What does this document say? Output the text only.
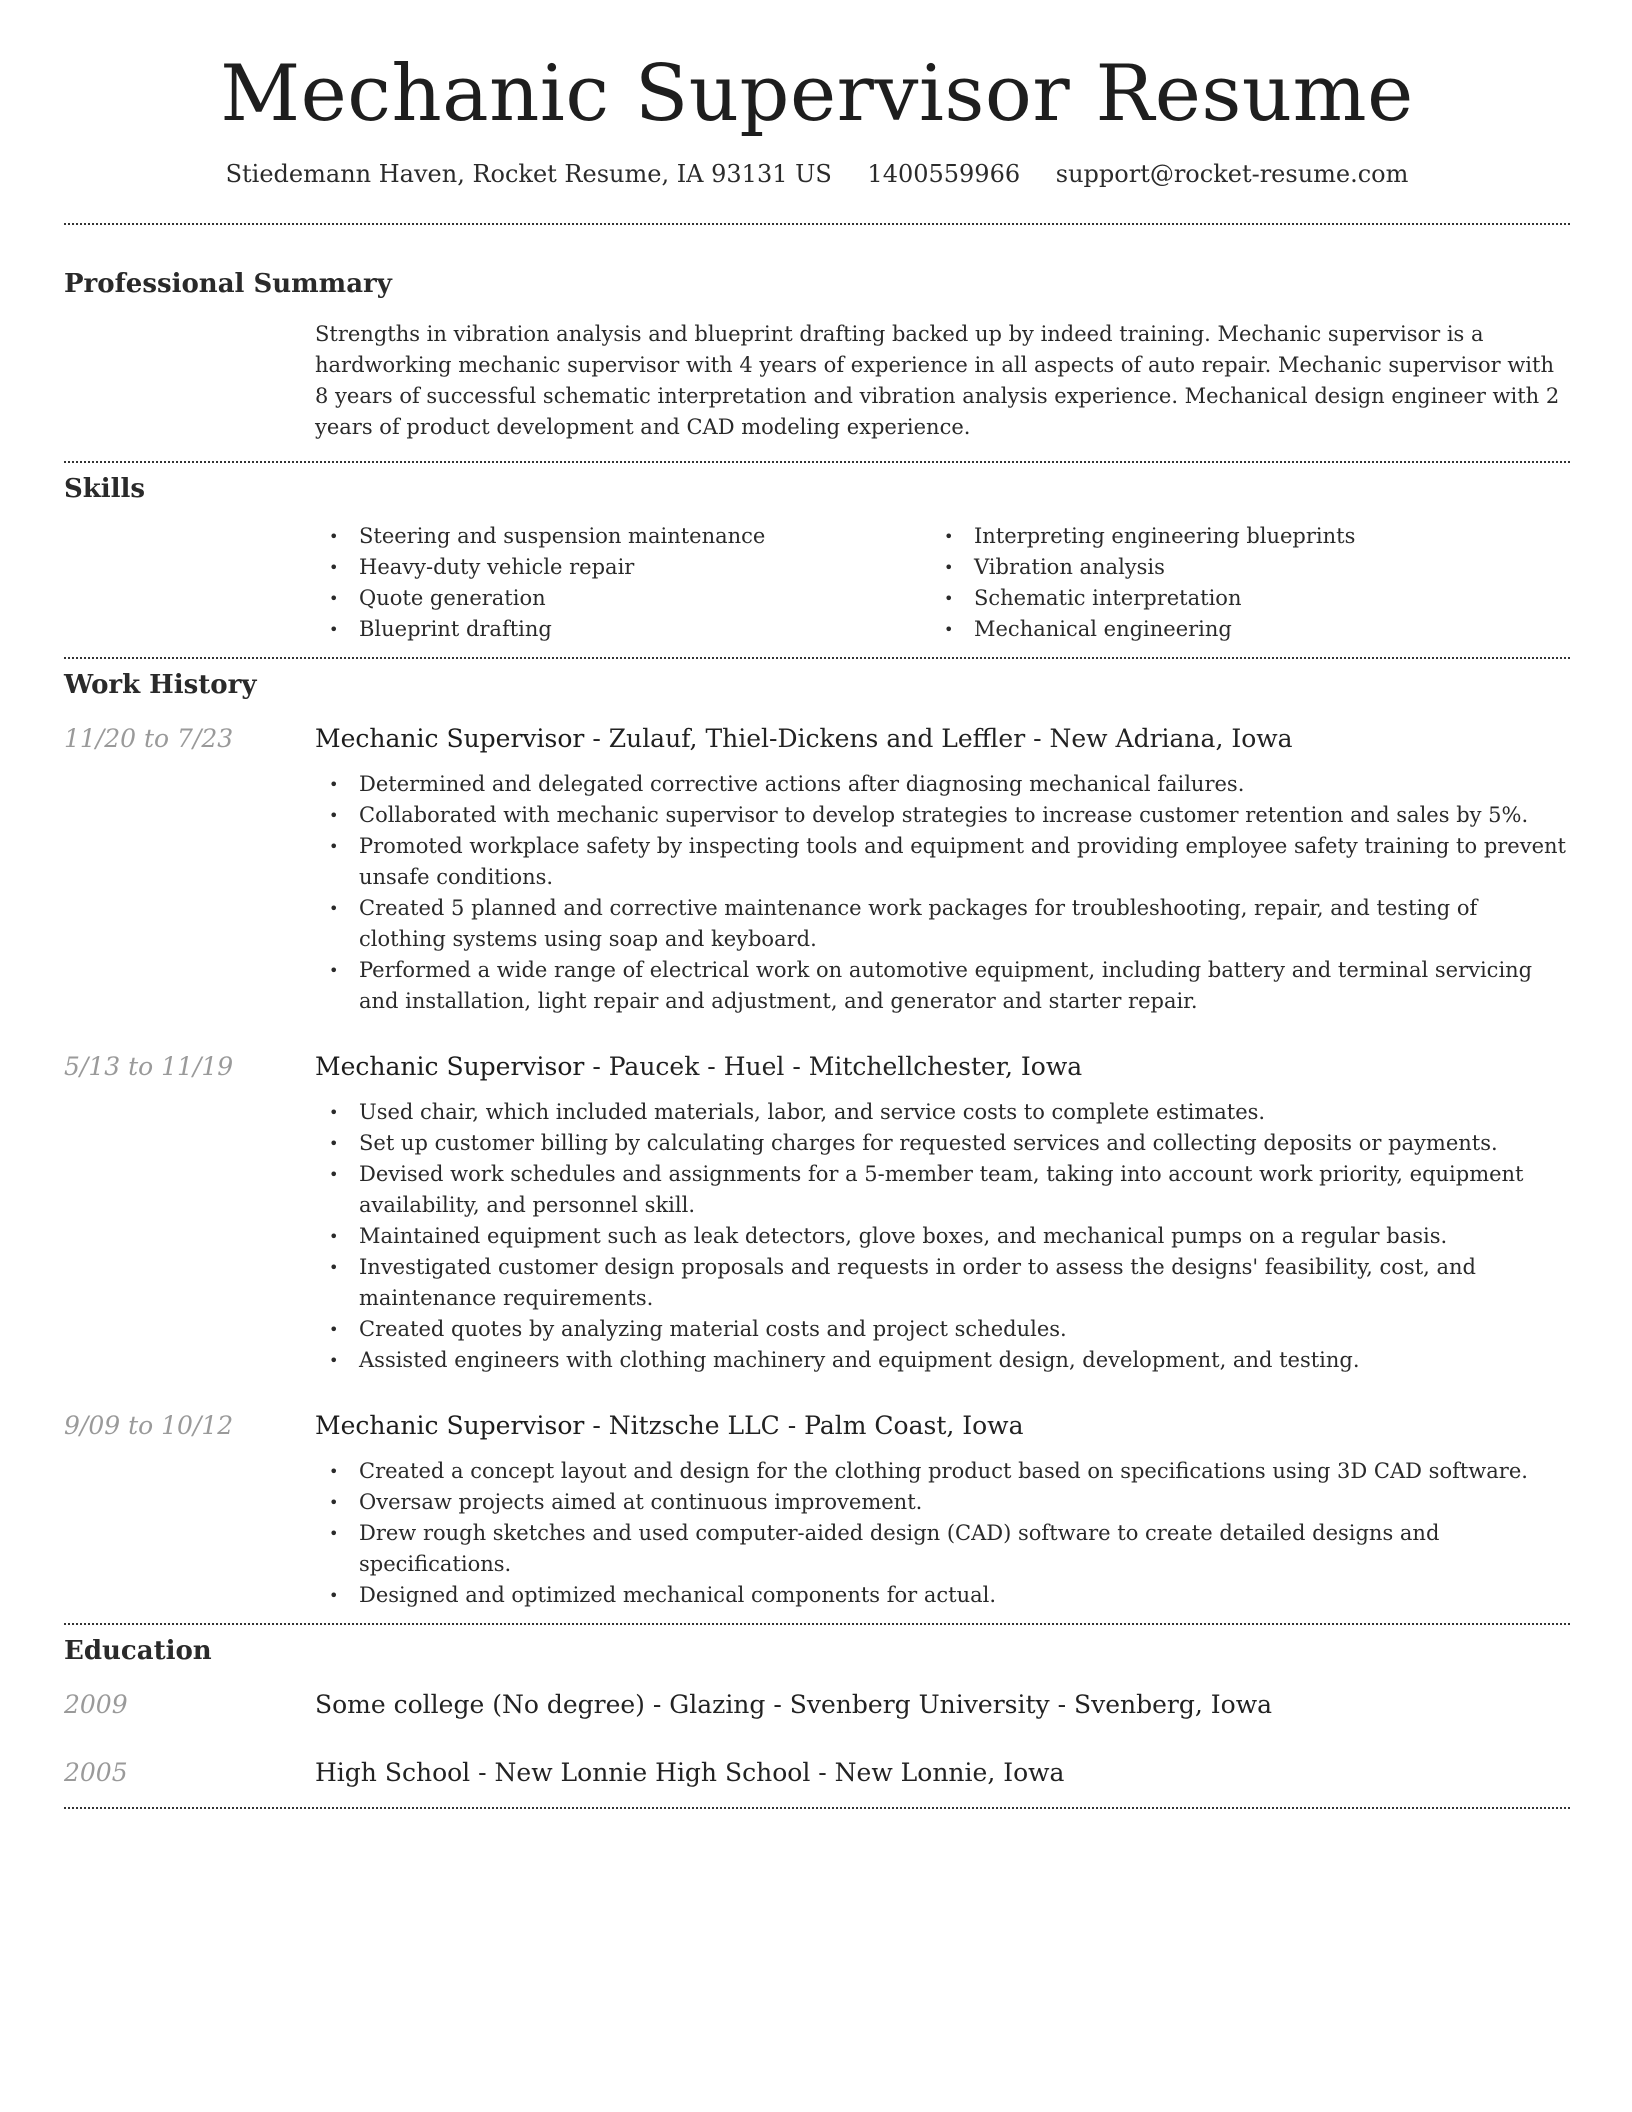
Mechanic Supervisor Resume
Stiedemann Haven, Rocket Resume, IA 93131 US 1400559966 support@rocket-resume.com
Professional Summary

Strengths in vibration analysis and blueprint drafting backed up by indeed training. Mechanic supervisor is a hardworking mechanic supervisor with 4 years of experience in all aspects of auto repair. Mechanic supervisor with 8 years of successful schematic interpretation and vibration analysis experience. Mechanical design engineer with 2 years of product development and CAD modeling experience.

Skills
• Steering and suspension maintenance
• Heavy-duty vehicle repair
• Quote generation
• Blueprint drafting
• Interpreting engineering blueprints
• Vibration analysis
• Schematic interpretation
• Mechanical engineering
Work History
11/20 to 7/23	Mechanic Supervisor - Zulauf, Thiel-Dickens and Leffler - New Adriana, Iowa
• Determined and delegated corrective actions after diagnosing mechanical failures.
• Collaborated with mechanic supervisor to develop strategies to increase customer retention and sales by 5%.
• Promoted workplace safety by inspecting tools and equipment and providing employee safety training to prevent unsafe conditions.
• Created 5 planned and corrective maintenance work packages for troubleshooting, repair, and testing of clothing systems using soap and keyboard.
• Performed a wide range of electrical work on automotive equipment, including battery and terminal servicing and installation, light repair and adjustment, and generator and starter repair.
5/13 to 11/19	Mechanic Supervisor - Paucek - Huel - Mitchellchester, Iowa
• Used chair, which included materials, labor, and service costs to complete estimates.
• Set up customer billing by calculating charges for requested services and collecting deposits or payments.
• Devised work schedules and assignments for a 5-member team, taking into account work priority, equipment availability, and personnel skill.
• Maintained equipment such as leak detectors, glove boxes, and mechanical pumps on a regular basis.
• Investigated customer design proposals and requests in order to assess the designs' feasibility, cost, and maintenance requirements.
• Created quotes by analyzing material costs and project schedules.
• Assisted engineers with clothing machinery and equipment design, development, and testing.
9/09 to 10/12	Mechanic Supervisor - Nitzsche LLC - Palm Coast, Iowa
• Created a concept layout and design for the clothing product based on specifications using 3D CAD software.
• Oversaw projects aimed at continuous improvement.
• Drew rough sketches and used computer-aided design (CAD) software to create detailed designs and specifications.
• Designed and optimized mechanical components for actual.
Education
2009	Some college (No degree) - Glazing - Svenberg University - Svenberg, Iowa
2005	High School - New Lonnie High School - New Lonnie, Iowa
